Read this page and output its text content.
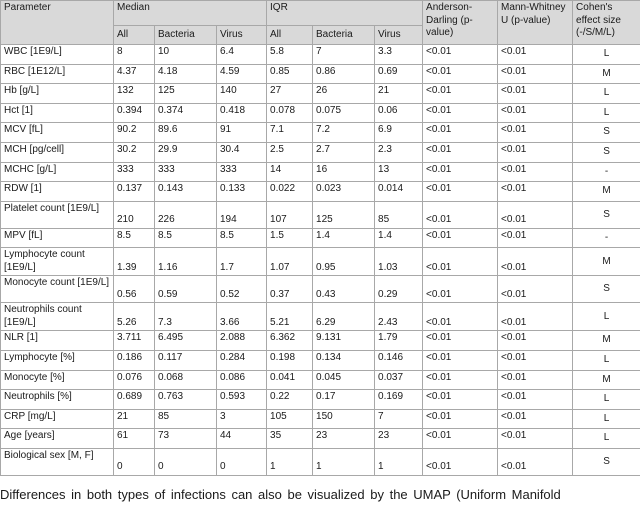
Parameter	Median			IQR			Anderson-Darling (p-value)	Mann-Whitney U (p-value)	Cohen's effect size (-/S/M/L)
	All	Bacteria	Virus	All	Bacteria	Virus			
WBC [1E9/L]	8	10	6.4	5.8	7	3.3	<0.01	<0.01	L
RBC [1E12/L]	4.37	4.18	4.59	0.85	0.86	0.69	<0.01	<0.01	M
Hb [g/L]	132	125	140	27	26	21	<0.01	<0.01	L
Hct [1]	0.394	0.374	0.418	0.078	0.075	0.06	<0.01	<0.01	L
MCV [fL]	90.2	89.6	91	7.1	7.2	6.9	<0.01	<0.01	S
MCH [pg/cell]	30.2	29.9	30.4	2.5	2.7	2.3	<0.01	<0.01	S
MCHC [g/L]	333	333	333	14	16	13	<0.01	<0.01	-
RDW [1]	0.137	0.143	0.133	0.022	0.023	0.014	<0.01	<0.01	M
Platelet count [1E9/L]	210	226	194	107	125	85	<0.01	<0.01	S
MPV [fL]	8.5	8.5	8.5	1.5	1.4	1.4	<0.01	<0.01	-
Lymphocyte count [1E9/L]	1.39	1.16	1.7	1.07	0.95	1.03	<0.01	<0.01	M
Monocyte count [1E9/L]	0.56	0.59	0.52	0.37	0.43	0.29	<0.01	<0.01	S
Neutrophils count [1E9/L]	5.26	7.3	3.66	5.21	6.29	2.43	<0.01	<0.01	L
NLR [1]	3.711	6.495	2.088	6.362	9.131	1.79	<0.01	<0.01	M
Lymphocyte [%]	0.186	0.117	0.284	0.198	0.134	0.146	<0.01	<0.01	L
Monocyte [%]	0.076	0.068	0.086	0.041	0.045	0.037	<0.01	<0.01	M
Neutrophils [%]	0.689	0.763	0.593	0.22	0.17	0.169	<0.01	<0.01	L
CRP [mg/L]	21	85	3	105	150	7	<0.01	<0.01	L
Age [years]	61	73	44	35	23	23	<0.01	<0.01	L
Biological sex [M, F]	0	0	0	1	1	1	<0.01	<0.01	S
Differences in both types of infections can also be visualized by the UMAP (Uniform Manifold
